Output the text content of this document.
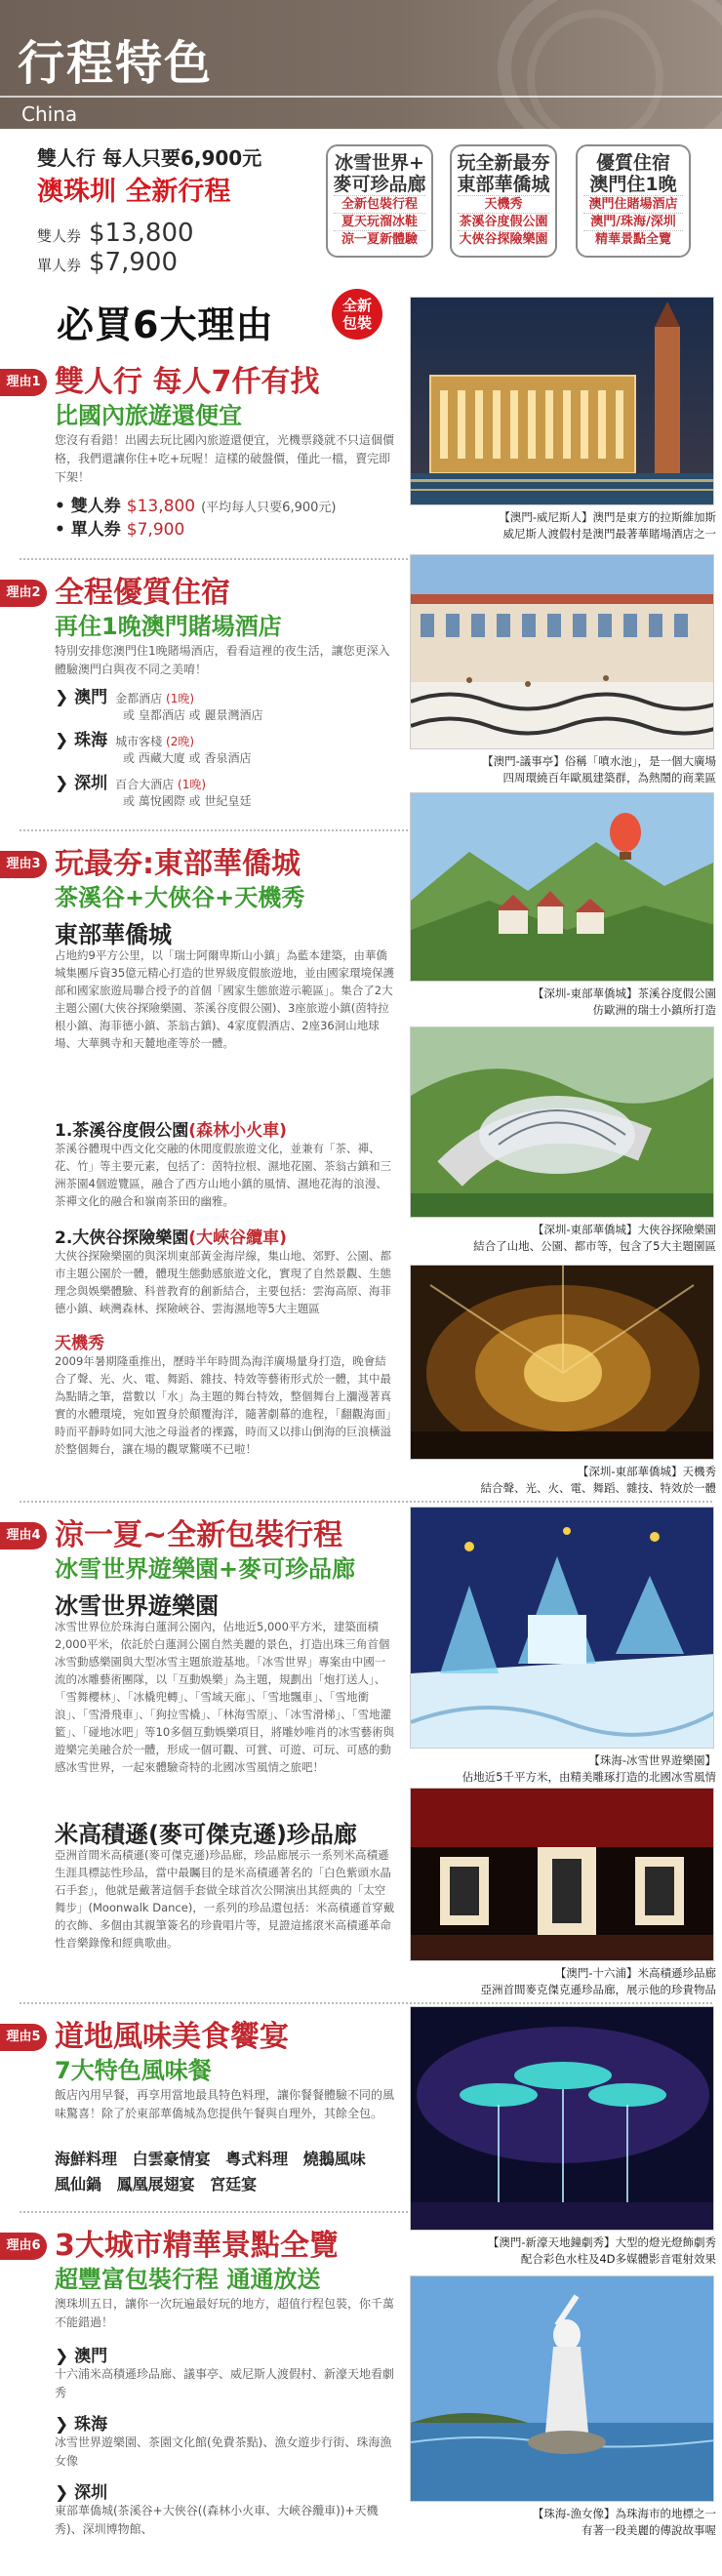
行程特色
China
雙人行 每人只要6,900元
澳珠圳 全新行程
雙人券 $13,800
單人券 $7,900
冰雪世界+
麥可珍品廊
全新包裝行程
夏天玩溜冰鞋
涼一夏新體驗
玩全新最夯
東部華僑城
天機秀
茶溪谷度假公園
大俠谷探險樂園
優質住宿
澳門住1晚
澳門住賭場酒店
澳門/珠海/深圳
精華景點全覽
必買6大理由	全新
包裝
理由1 雙人行 每人7仟有找
比國內旅遊還便宜
您沒有看錯！出國去玩比國內旅遊還便宜，光機票錢就不只這個價格，我們還讓你住+吃+玩喔！這樣的破盤價，僅此一檔，賣完即下架！
• 雙人券 $13,800 (平均每人只要6,900元)
• 單人券 $7,900
理由2 全程優質住宿
再住1晚澳門賭場酒店
特別安排您澳門住1晚賭場酒店，看看這裡的夜生活，讓您更深入體驗澳門白與夜不同之美唷！
❯ 澳門 金都酒店 (1晚)
或 皇都酒店 或 麗景灣酒店
❯ 珠海 城市客棧 (2晚)
或 西藏大廈 或 香泉酒店
❯ 深圳 百合大酒店 (1晚)
或 萬悅國際 或 世紀皇廷
理由3 玩最夯:東部華僑城
茶溪谷+大俠谷+天機秀
東部華僑城
占地約9平方公里，以「瑞士阿爾卑斯山小鎮」為藍本建築，由華僑城集團斥資35億元精心打造的世界級度假旅遊地，並由國家環境保護部和國家旅遊局聯合授予的首個「國家生態旅遊示範區」。集合了2大主題公園(大俠谷探險樂園、茶溪谷度假公園)、3座旅遊小鎮(茵特拉根小鎮、海菲德小鎮、茶翁古鎮)、4家度假酒店、2座36洞山地球場、大華興寺和天麓地產等於一體。
1.茶溪谷度假公園(森林小火車)
茶溪谷體現中西文化交融的休閒度假旅遊文化，並兼有「茶、禪、花、竹」等主要元素，包括了：茵特拉根、濕地花園、茶翁古鎮和三洲茶園4個遊覽區，融合了西方山地小鎮的風情、濕地花海的浪漫、茶禪文化的融合和嶺南茶田的幽雅。
2.大俠谷探險樂園(大峽谷纜車)
大俠谷探險樂園的與深圳東部黃金海岸線，集山地、郊野、公園、都市主題公園於一體，體現生態動感旅遊文化，實現了自然景觀、生態理念與娛樂體驗、科普教育的創新結合，主要包括：雲海高原、海菲德小鎮、峽灣森林、探險峽谷、雲海濕地等5大主題區
天機秀
2009年暑期隆重推出，歷時半年時間為海洋廣場量身打造，晚會結合了聲、光、火、電、舞蹈、雜技、特效等藝術形式於一體，其中最為點睛之筆，當數以「水」為主題的舞台特效，整個舞台上瀰漫著真實的水體環境，宛如置身於顛覆海洋，隨著劇幕的進程，「翻觀海面」時而平靜時如同大池之母溢者的裸露，時而又以排山倒海的巨浪橫溢於整個舞台，讓在場的觀眾驚嘆不已啦！
理由4 涼一夏~全新包裝行程
冰雪世界遊樂園+麥可珍品廊
冰雪世界遊樂園
冰雪世界位於珠海白蓮洞公園內，佔地近5,000平方米，建築面積2,000平米，依託於白蓮洞公園自然美麗的景色，打造出珠三角首個冰雪動感樂園與大型冰雪主題旅遊基地。「冰雪世界」專案由中國一流的冰雕藝術團隊，以「互動娛樂」為主題，規劃出「炮打送人」、「雪舞櫻林」、「冰橇兜轉」、「雪域天廊」、「雪地飄車」、「雪地衝浪」、「雪滑飛車」、「狗拉雪橇」、「林海雪原」、「冰雪滑梯」、「雪地灌籃」、「碰地冰吧」等10多個互動娛樂項目，將雕妙唯肖的冰雪藝術與遊樂完美融合於一體，形成一個可觀、可賞、可遊、可玩、可感的動感冰雪世界，一起來體驗奇特的北國冰雪風情之旅吧！
米高積遜(麥可傑克遜)珍品廊
亞洲首間米高積遜(麥可傑克遜)珍品廊，珍品廊展示一系列米高積遜生涯具標誌性珍品，當中最矚目的是米高積遜著名的「白色紫頭水晶石手套」，他就是戴著這個手套做全球首次公開演出其經典的「太空舞步」(Moonwalk Dance)，一系列的珍品還包括：米高積遜首穿戴的衣飾、多個由其親筆簽名的珍貴唱片等，見證這搖滾米高積遜革命性音樂錄像和經典歌曲。
理由5 道地風味美食饗宴
7大特色風味餐
飯店內用早餐，再享用當地最具特色料理，讓你餐餐體驗不同的風味驚喜！除了於東部華僑城為您提供午餐與自理外，其餘全包。
海鮮料理 白雲豪情宴 粵式料理 燒鵝風味 風仙鍋 鳳凰展翅宴 宮廷宴
理由6 3大城市精華景點全覽
超豐富包裝行程 通通放送
澳珠圳五日，讓你一次玩遍最好玩的地方，超值行程包裝，你千萬不能錯過！
❯ 澳門
十六浦米高積遜珍品廊、議事亭、威尼斯人渡假村、新濠天地看劇秀
❯ 珠海
冰雪世界遊樂園、茶園文化館(免費茶點)、漁女遊步行街、珠海漁女像
❯ 深圳
東部華僑城(茶溪谷+大俠谷((森林小火車、大峽谷纜車))+天機秀)、深圳博物館、
【澳門-威尼斯人】澳門是東方的拉斯維加斯
威尼斯人渡假村是澳門最著華賭場酒店之一
【澳門-議事亭】俗稱「噴水池」，是一個大廣場
四周環繞百年歐風建築群，為熱鬧的商業區
【深圳-東部華僑城】茶溪谷度假公園
仿歐洲的瑞士小鎮所打造
【深圳-東部華僑城】大俠谷探險樂園
結合了山地、公園、都市等，包含了5大主題園區
【深圳-東部華僑城】天機秀
結合聲、光、火、電、舞蹈、雜技、特效於一體
【珠海-冰雪世界遊樂園】
佔地近5千平方米，由精美雕琢打造的北國冰雪風情
【澳門-十六浦】米高積遜珍品廊
亞洲首間麥克傑克遜珍品廊，展示他的珍貴物品
【澳門-新濠天地鐘劇秀】大型的燈光燈飾劇秀
配合彩色水柱及4D多媒體影音電射效果
【珠海-漁女像】為珠海市的地標之一
有著一段美麗的傳說故事喔
